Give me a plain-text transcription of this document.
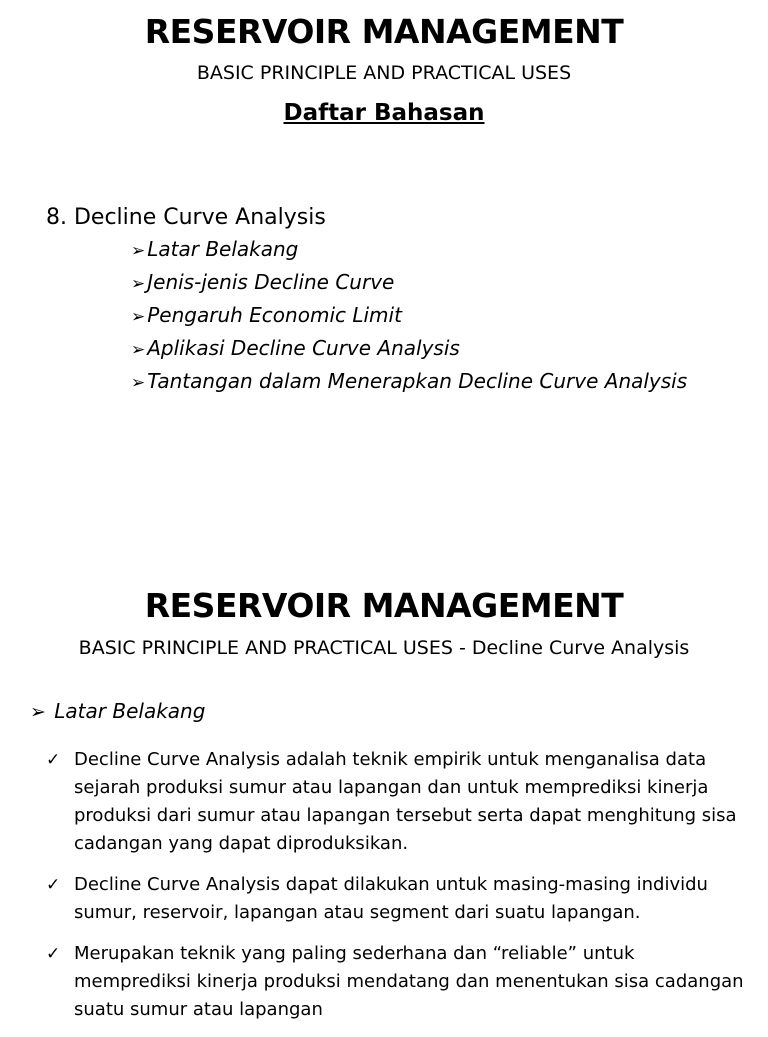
RESERVOIR MANAGEMENT
BASIC PRINCIPLE AND PRACTICAL USES
Daftar Bahasan
8. Decline Curve Analysis
➢ Latar Belakang
➢ Jenis-jenis Decline Curve
➢ Pengaruh Economic Limit
➢ Aplikasi Decline Curve Analysis
➢ Tantangan dalam Menerapkan Decline Curve Analysis
RESERVOIR MANAGEMENT
BASIC PRINCIPLE AND PRACTICAL USES - Decline Curve Analysis
➢ Latar Belakang
✓ Decline Curve Analysis adalah teknik empirik untuk menganalisa data sejarah produksi sumur atau lapangan dan untuk memprediksi kinerja produksi dari sumur atau lapangan tersebut serta dapat menghitung sisa cadangan yang dapat diproduksikan.
✓ Decline Curve Analysis dapat dilakukan untuk masing-masing individu sumur, reservoir, lapangan atau segment dari suatu lapangan.
✓ Merupakan teknik yang paling sederhana dan “reliable” untuk memprediksi kinerja produksi mendatang dan menentukan sisa cadangan suatu sumur atau lapangan
